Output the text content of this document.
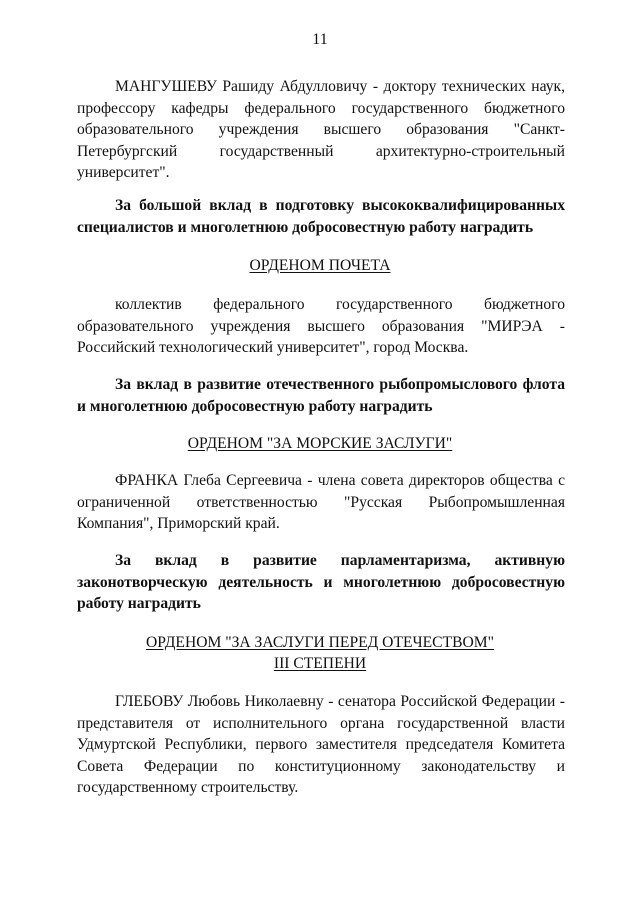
11

МАНГУШЕВУ Рашиду Абдулловичу - доктору технических наук, профессору кафедры федерального государственного бюджетного образовательного учреждения высшего образования "Санкт-Петербургский государственный архитектурно-строительный университет".

За большой вклад в подготовку высококвалифицированных специалистов и многолетнюю добросовестную работу наградить

ОРДЕНОМ ПОЧЕТА

коллектив федерального государственного бюджетного образовательного учреждения высшего образования "МИРЭА - Российский технологический университет", город Москва.

За вклад в развитие отечественного рыбопромыслового флота и многолетнюю добросовестную работу наградить

ОРДЕНОМ "ЗА МОРСКИЕ ЗАСЛУГИ"

ФРАНКА Глеба Сергеевича - члена совета директоров общества с ограниченной ответственностью "Русская Рыбопромышленная Компания", Приморский край.

За вклад в развитие парламентаризма, активную законотворческую деятельность и многолетнюю добросовестную работу наградить

ОРДЕНОМ "ЗА ЗАСЛУГИ ПЕРЕД ОТЕЧЕСТВОМ"

III СТЕПЕНИ

ГЛЕБОВУ Любовь Николаевну - сенатора Российской Федерации - представителя от исполнительного органа государственной власти Удмуртской Республики, первого заместителя председателя Комитета Совета Федерации по конституционному законодательству и государственному строительству.
